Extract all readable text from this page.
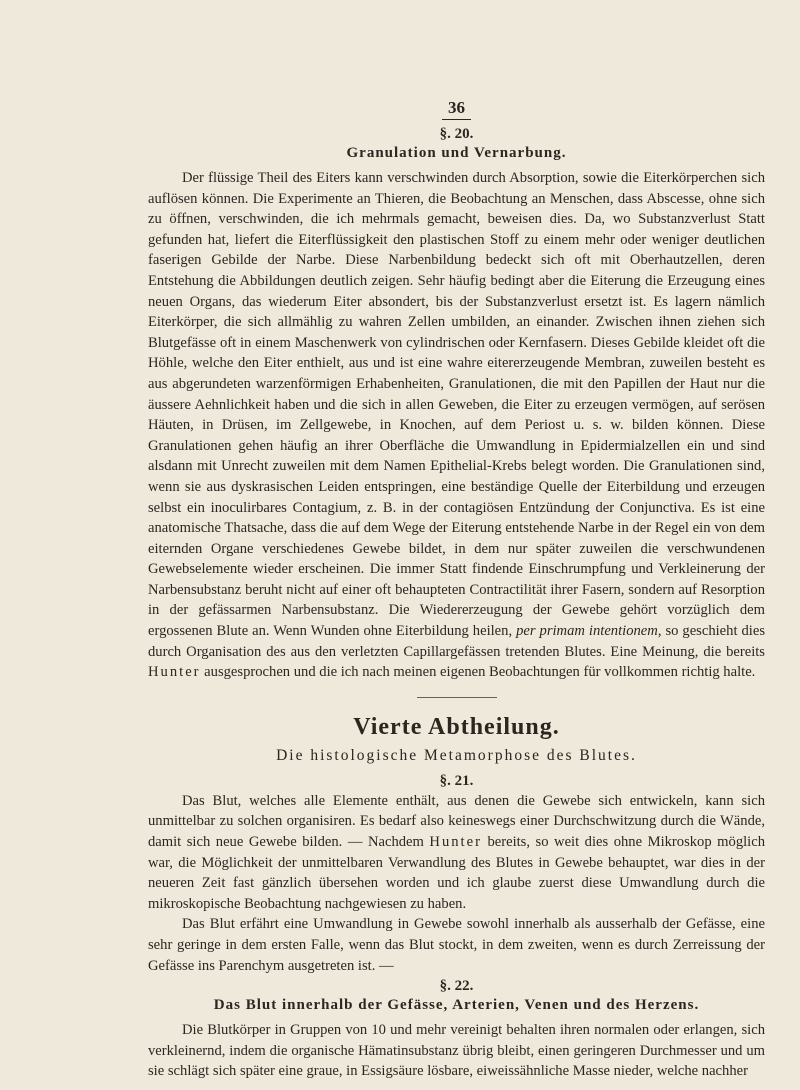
36
§. 20.
Granulation und Vernarbung.

Der flüssige Theil des Eiters kann verschwinden durch Absorption, sowie die Eiterkörperchen sich auflösen können. Die Experimente an Thieren, die Beobachtung an Menschen, dass Abscesse, ohne sich zu öffnen, verschwinden, die ich mehrmals gemacht, beweisen dies. Da, wo Substanzverlust Statt gefunden hat, liefert die Eiterflüssigkeit den plastischen Stoff zu einem mehr oder weniger deutlichen faserigen Gebilde der Narbe. Diese Narbenbildung bedeckt sich oft mit Oberhautzellen, deren Entstehung die Abbildungen deutlich zeigen. Sehr häufig bedingt aber die Eiterung die Erzeugung eines neuen Organs, das wiederum Eiter absondert, bis der Substanzverlust ersetzt ist. Es lagern nämlich Eiterkörper, die sich allmählig zu wahren Zellen umbilden, an einander. Zwischen ihnen ziehen sich Blutgefässe oft in einem Maschenwerk von cylindrischen oder Kernfasern. Dieses Gebilde kleidet oft die Höhle, welche den Eiter enthielt, aus und ist eine wahre eitererzeugende Membran, zuweilen besteht es aus abgerundeten warzenförmigen Erhabenheiten, Granulationen, die mit den Papillen der Haut nur die äussere Aehnlichkeit haben und die sich in allen Geweben, die Eiter zu erzeugen vermögen, auf serösen Häuten, in Drüsen, im Zellgewebe, in Knochen, auf dem Periost u. s. w. bilden können. Diese Granulationen gehen häufig an ihrer Oberfläche die Umwandlung in Epidermialzellen ein und sind alsdann mit Unrecht zuweilen mit dem Namen Epithelial-Krebs belegt worden. Die Granulationen sind, wenn sie aus dyskrasischen Leiden entspringen, eine beständige Quelle der Eiterbildung und erzeugen selbst ein inoculirbares Contagium, z. B. in der contagiösen Entzündung der Conjunctiva. Es ist eine anatomische Thatsache, dass die auf dem Wege der Eiterung entstehende Narbe in der Regel ein von dem eiternden Organe verschiedenes Gewebe bildet, in dem nur später zuweilen die verschwundenen Gewebselemente wieder erscheinen. Die immer Statt findende Einschrumpfung und Verkleinerung der Narbensubstanz beruht nicht auf einer oft behaupteten Contractilität ihrer Fasern, sondern auf Resorption in der gefässarmen Narbensubstanz. Die Wiedererzeugung der Gewebe gehört vorzüglich dem ergossenen Blute an. Wenn Wunden ohne Eiterbildung heilen, per primam intentionem, so geschieht dies durch Organisation des aus den verletzten Capillargefässen tretenden Blutes. Eine Meinung, die bereits Hunter ausgesprochen und die ich nach meinen eigenen Beobachtungen für vollkommen richtig halte.

Vierte Abtheilung.
Die histologische Metamorphose des Blutes.
§. 21.

Das Blut, welches alle Elemente enthält, aus denen die Gewebe sich entwickeln, kann sich unmittelbar zu solchen organisiren. Es bedarf also keineswegs einer Durchschwitzung durch die Wände, damit sich neue Gewebe bilden. — Nachdem Hunter bereits, so weit dies ohne Mikroskop möglich war, die Möglichkeit der unmittelbaren Verwandlung des Blutes in Gewebe behauptet, war dies in der neueren Zeit fast gänzlich übersehen worden und ich glaube zuerst diese Umwandlung durch die mikroskopische Beobachtung nachgewiesen zu haben.

Das Blut erfährt eine Umwandlung in Gewebe sowohl innerhalb als ausserhalb der Gefässe, eine sehr geringe in dem ersten Falle, wenn das Blut stockt, in dem zweiten, wenn es durch Zerreissung der Gefässe ins Parenchym ausgetreten ist. —

§. 22.
Das Blut innerhalb der Gefässe, Arterien, Venen und des Herzens.

Die Blutkörper in Gruppen von 10 und mehr vereinigt behalten ihren normalen oder erlangen, sich verkleinernd, indem die organische Hämatinsubstanz übrig bleibt, einen geringeren Durchmesser und um sie schlägt sich später eine graue, in Essigsäure lösbare, eiweissähnliche Masse nieder, welche nachher
